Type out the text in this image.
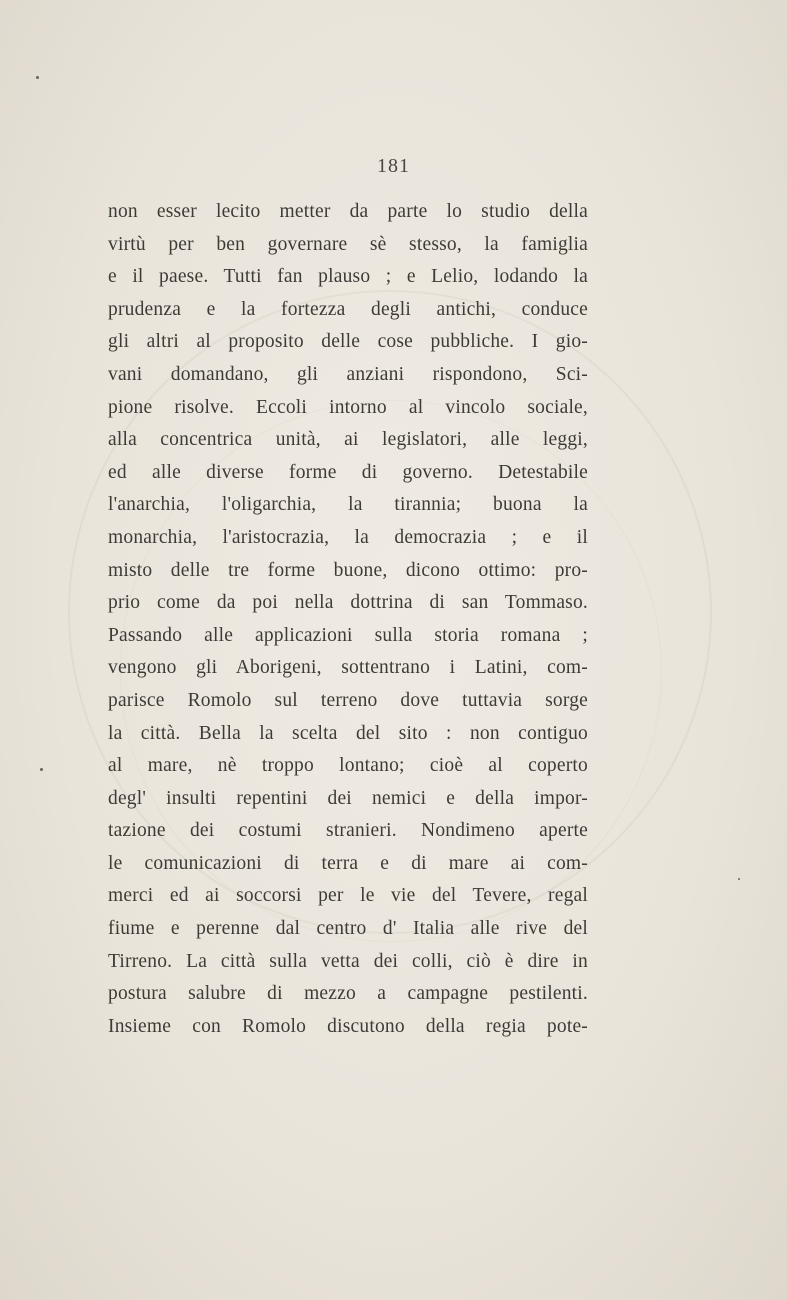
181
non esser lecito metter da parte lo studio della
virtù per ben governare sè stesso, la famiglia
e il paese. Tutti fan plauso ; e Lelio, lodando la
prudenza e la fortezza degli antichi, conduce
gli altri al proposito delle cose pubbliche. I gio-
vani domandano, gli anziani rispondono, Sci-
pione risolve. Eccoli intorno al vincolo sociale,
alla concentrica unità, ai legislatori, alle leggi,
ed alle diverse forme di governo. Detestabile
l'anarchia, l'oligarchia, la tirannia; buona la
monarchia, l'aristocrazia, la democrazia ; e il
misto delle tre forme buone, dicono ottimo: pro-
prio come da poi nella dottrina di san Tommaso.
Passando alle applicazioni sulla storia romana ;
vengono gli Aborigeni, sottentrano i Latini, com-
parisce Romolo sul terreno dove tuttavia sorge
la città. Bella la scelta del sito : non contiguo
al mare, nè troppo lontano; cioè al coperto
degl' insulti repentini dei nemici e della impor-
tazione dei costumi stranieri. Nondimeno aperte
le comunicazioni di terra e di mare ai com-
merci ed ai soccorsi per le vie del Tevere, regal
fiume e perenne dal centro d' Italia alle rive del
Tirreno. La città sulla vetta dei colli, ciò è dire in
postura salubre di mezzo a campagne pestilenti.
Insieme con Romolo discutono della regia pote-
